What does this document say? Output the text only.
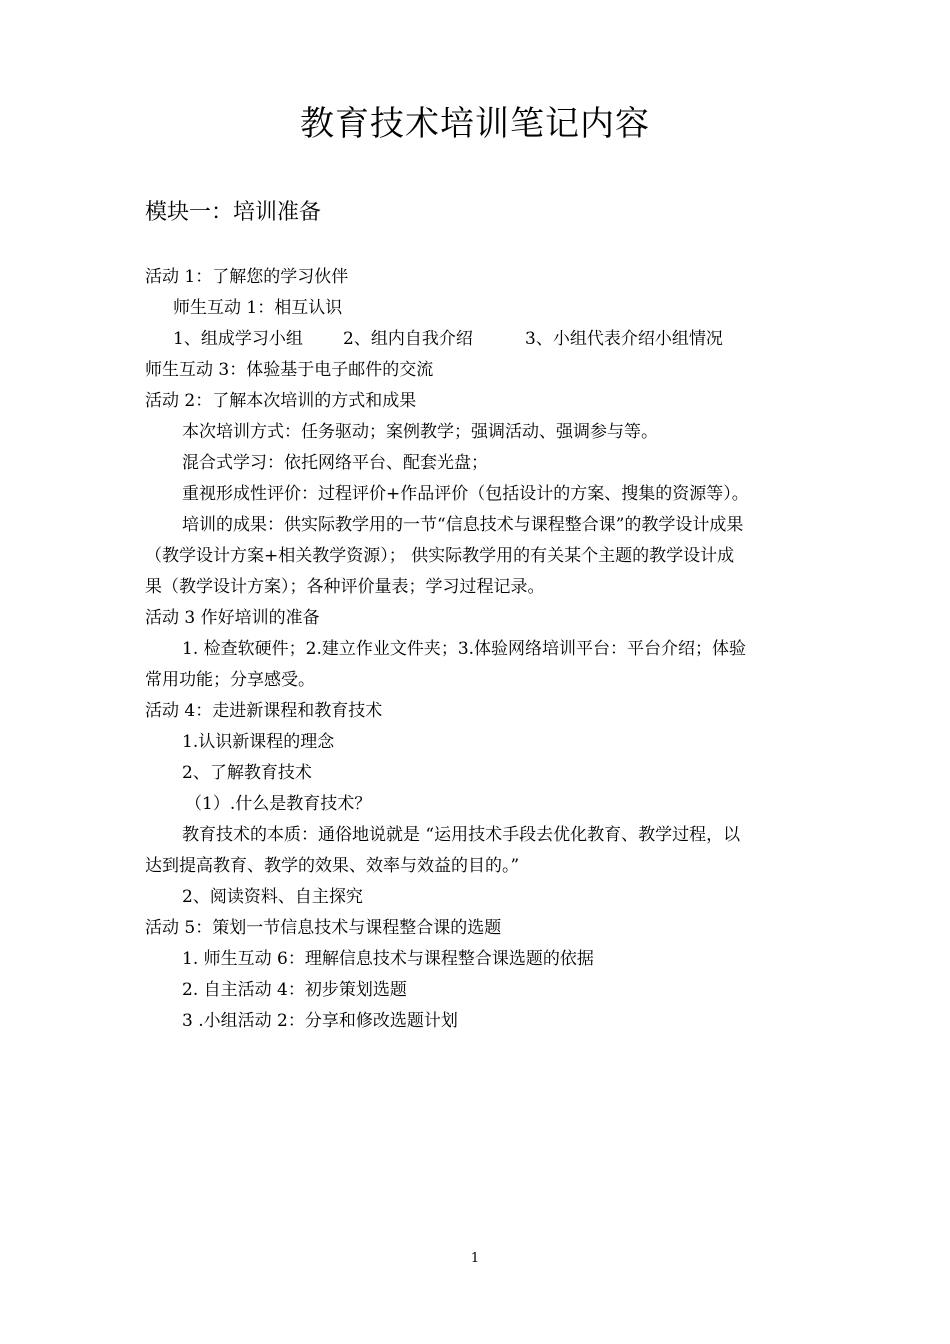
教育技术培训笔记内容
模块一：培训准备
活动 1：了解您的学习伙伴
师生互动 1：相互认识
1、组成学习小组 2、组内自我介绍	3、小组代表介绍小组情况
师生互动 3：体验基于电子邮件的交流
活动 2：了解本次培训的方式和成果
本次培训方式：任务驱动；案例教学；强调活动、强调参与等。
混合式学习：依托网络平台、配套光盘；
重视形成性评价：过程评价+作品评价（包括设计的方案、搜集的资源等）。
培训的成果：供实际教学用的一节“信息技术与课程整合课”的教学设计成果
（教学设计方案+相关教学资源）； 供实际教学用的有关某个主题的教学设计成
果（教学设计方案）；各种评价量表；学习过程记录。
活动 3 作好培训的准备
1. 检查软硬件；2.建立作业文件夹；3.体验网络培训平台：平台介绍；体验
常用功能；分享感受。
活动 4：走进新课程和教育技术
1.认识新课程的理念
2、了解教育技术
（1）.什么是教育技术？
教育技术的本质：通俗地说就是 “运用技术手段去优化教育、教学过程，以
达到提高教育、教学的效果、效率与效益的目的。”
2、阅读资料、自主探究
活动 5：策划一节信息技术与课程整合课的选题
1. 师生互动 6：理解信息技术与课程整合课选题的依据
2. 自主活动 4：初步策划选题
3 .小组活动 2：分享和修改选题计划
1
